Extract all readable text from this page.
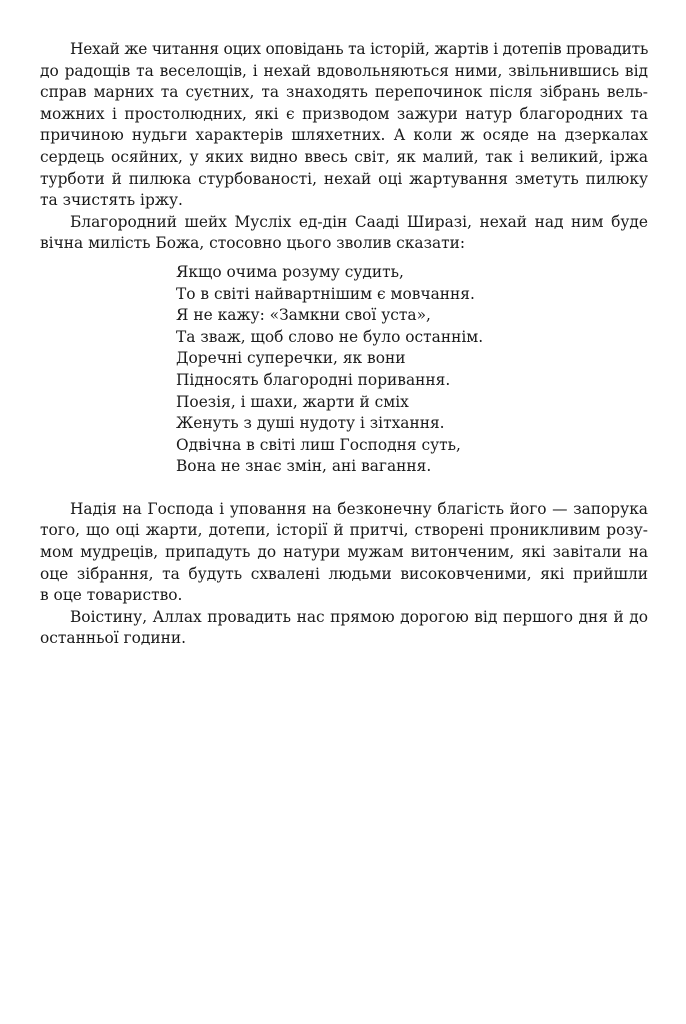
Нехай же читання оцих оповідань та історій, жартів і дотепів провадить
до радощів та веселощів, і нехай вдовольняються ними, звільнившись від
справ марних та суєтних, та знаходять перепочинок після зібрань вель-
можних і простолюдних, які є призводом зажури натур благородних та
причиною нудьги характерів шляхетних. А коли ж осяде на дзеркалах
сердець осяйних, у яких видно ввесь світ, як малий, так і великий, іржа
турботи й пилюка стурбованості, нехай оці жартування зметуть пилюку
та зчистять іржу.
Благородний шейх Мусліх ед-дін Сааді Ширазі, нехай над ним буде
вічна милість Божа, стосовно цього зволив сказати:
Якщо очима розуму судить,
То в світі найвартнішим є мовчання.
Я не кажу: «Замкни свої уста»,
Та зваж, щоб слово не було останнім.
Доречні суперечки, як вони
Підносять благородні поривання.
Поезія, і шахи, жарти й сміх
Женуть з душі нудоту і зітхання.
Одвічна в світі лиш Господня суть,
Вона не знає змін, ані вагання.
Надія на Господа і уповання на безконечну благість його — запорука
того, що оці жарти, дотепи, історії й притчі, створені проникливим розу-
мом мудреців, припадуть до натури мужам витонченим, які завітали на
оце зібрання, та будуть схвалені людьми високовченими, які прийшли
в оце товариство.
Воістину, Аллах провадить нас прямою дорогою від першого дня й до
останньої години.
